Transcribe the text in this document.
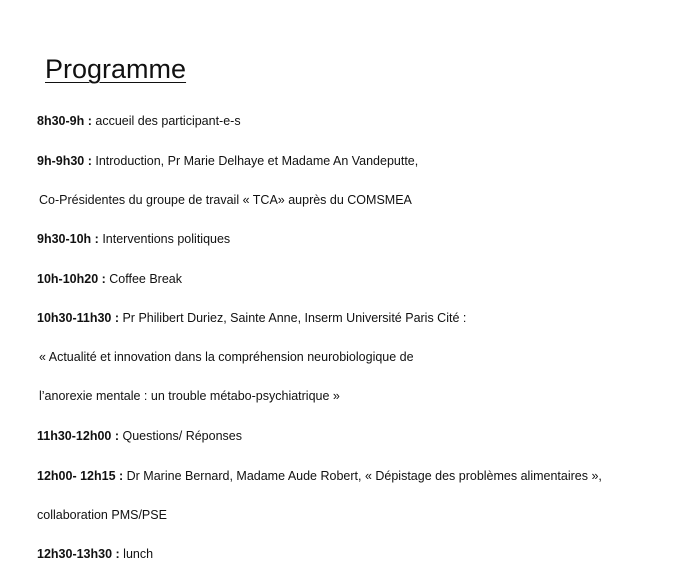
Programme
8h30-9h : accueil des participant-e-s
9h-9h30 : Introduction, Pr Marie Delhaye et Madame An Vandeputte,
Co-Présidentes du groupe de travail « TCA» auprès du COMSMEA
9h30-10h : Interventions politiques
10h-10h20 : Coffee Break
10h30-11h30 : Pr Philibert Duriez, Sainte Anne, Inserm Université Paris Cité :
« Actualité et innovation dans la compréhension neurobiologique de
l’anorexie mentale : un trouble métabo-psychiatrique »
11h30-12h00 : Questions/ Réponses
12h00- 12h15 : Dr Marine Bernard, Madame Aude Robert, « Dépistage des problèmes alimentaires »,
collaboration PMS/PSE
12h30-13h30 : lunch
